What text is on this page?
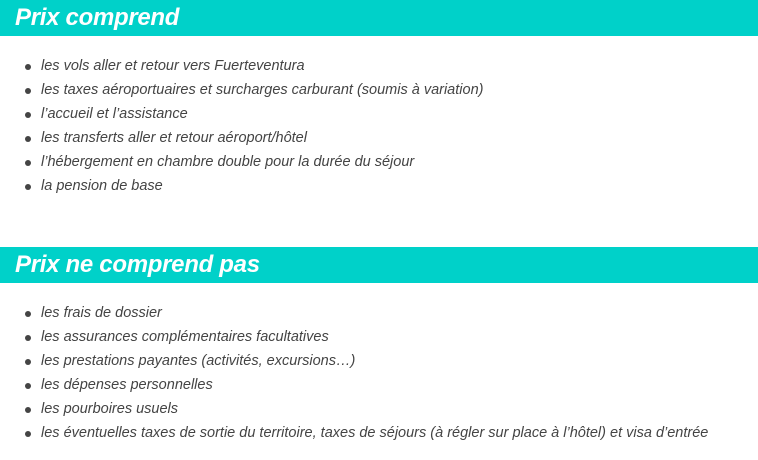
Prix comprend
les vols aller et retour vers Fuerteventura
les taxes aéroportuaires et surcharges carburant (soumis à variation)
l’accueil et l’assistance
les transferts aller et retour aéroport/hôtel
l’hébergement en chambre double pour la durée du séjour
la pension de base
Prix ne comprend pas
les frais de dossier
les assurances complémentaires facultatives
les prestations payantes (activités, excursions…)
les dépenses personnelles
les pourboires usuels
les éventuelles taxes de sortie du territoire, taxes de séjours (à régler sur place à l’hôtel) et visa d’entrée
